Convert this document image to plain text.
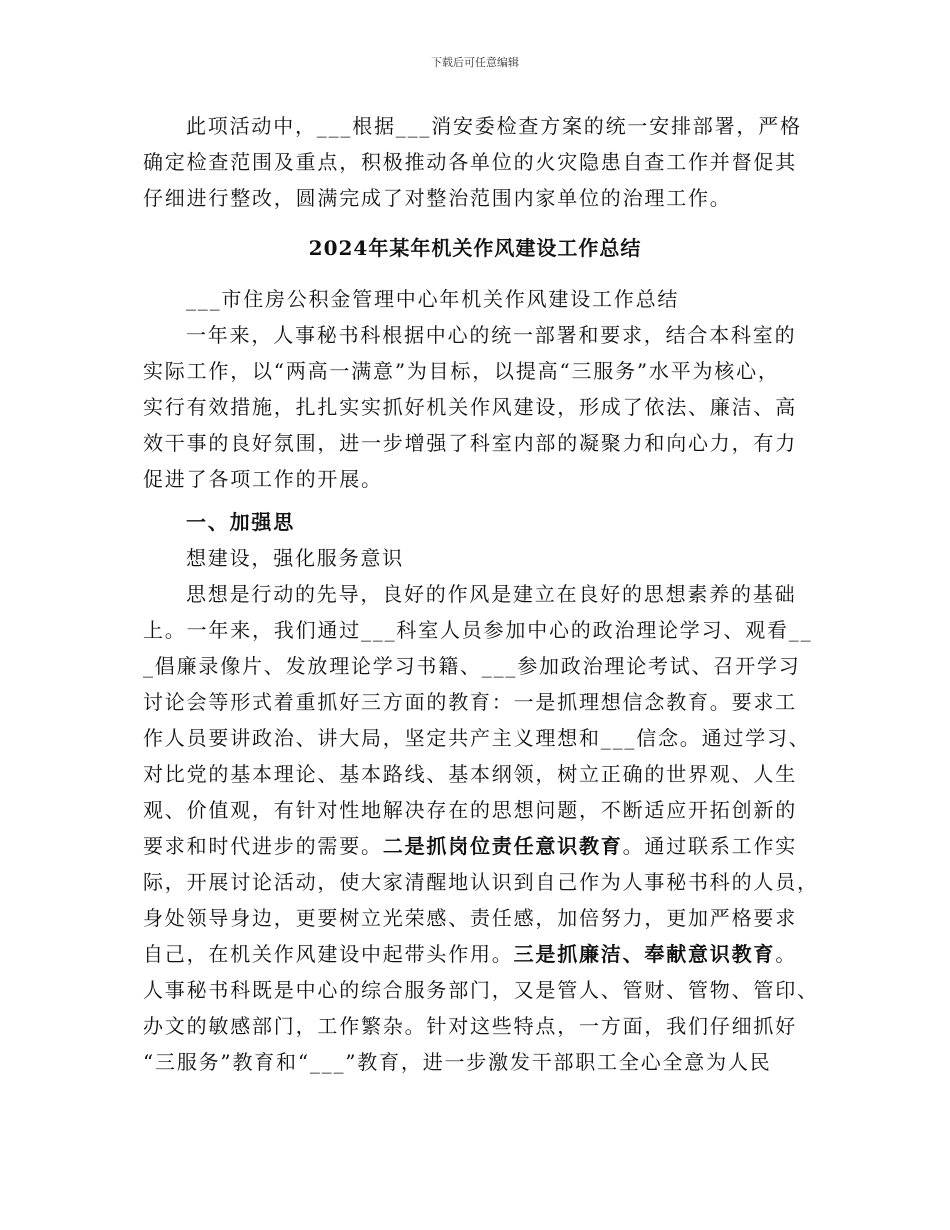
下载后可任意编辑
此项活动中，___根据___消安委检查方案的统一安排部署，严格
确定检查范围及重点，积极推动各单位的火灾隐患自查工作并督促其
仔细进行整改，圆满完成了对整治范围内家单位的治理工作。
2024年某年机关作风建设工作总结
___市住房公积金管理中心年机关作风建设工作总结
一年来，人事秘书科根据中心的统一部署和要求，结合本科室的
实际工作，以“两高一满意”为目标，以提高“三服务”水平为核心，
实行有效措施，扎扎实实抓好机关作风建设，形成了依法、廉洁、高
效干事的良好氛围，进一步增强了科室内部的凝聚力和向心力，有力
促进了各项工作的开展。
一、加强思
想建设，强化服务意识
思想是行动的先导，良好的作风是建立在良好的思想素养的基础
上。一年来，我们通过___科室人员参加中心的政治理论学习、观看__
_倡廉录像片、发放理论学习书籍、___参加政治理论考试、召开学习
讨论会等形式着重抓好三方面的教育：一是抓理想信念教育。要求工
作人员要讲政治、讲大局，坚定共产主义理想和___信念。通过学习、
对比党的基本理论、基本路线、基本纲领，树立正确的世界观、人生
观、价值观，有针对性地解决存在的思想问题，不断适应开拓创新的
要求和时代进步的需要。二是抓岗位责任意识教育。通过联系工作实
际，开展讨论活动，使大家清醒地认识到自己作为人事秘书科的人员，
身处领导身边，更要树立光荣感、责任感，加倍努力，更加严格要求
自己，在机关作风建设中起带头作用。三是抓廉洁、奉献意识教育。
人事秘书科既是中心的综合服务部门，又是管人、管财、管物、管印、
办文的敏感部门，工作繁杂。针对这些特点，一方面，我们仔细抓好
“三服务”教育和“___”教育，进一步激发干部职工全心全意为人民
